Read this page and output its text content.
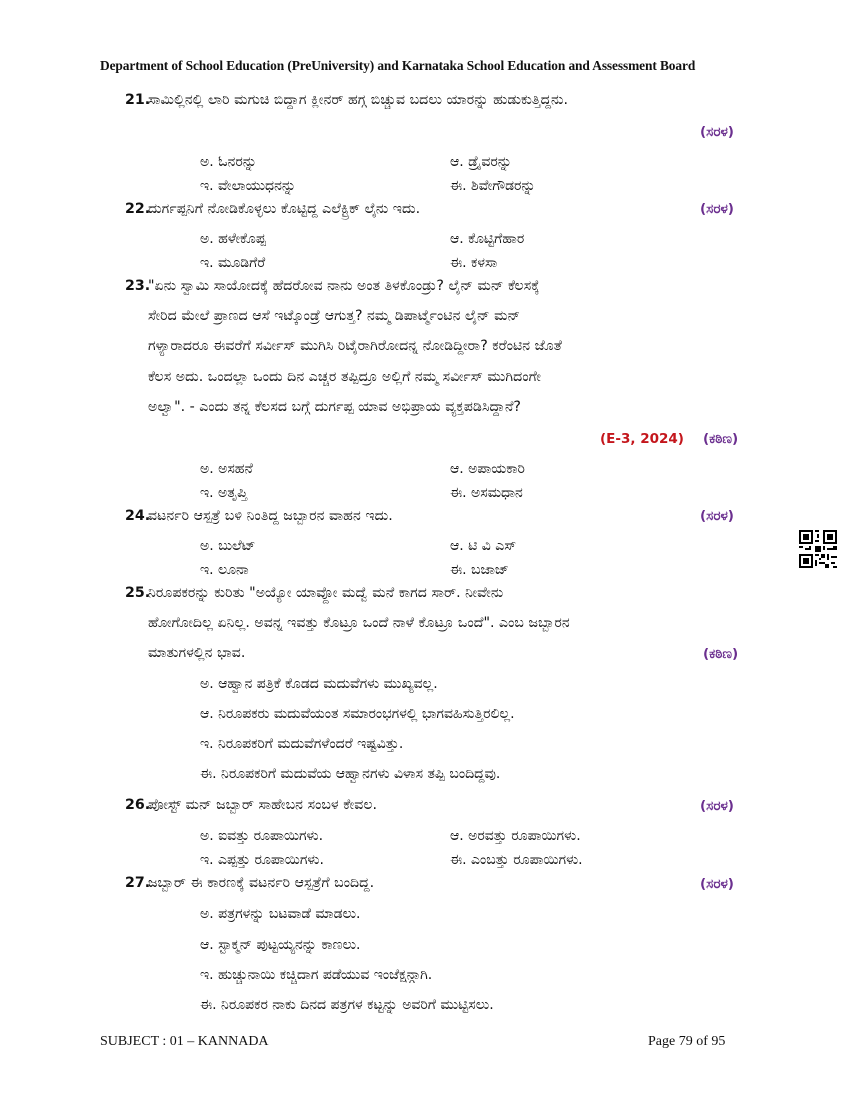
Department of School Education (PreUniversity) and Karnataka School Education and Assessment Board
21.ಸಾಮಿಲ್ಲಿನಲ್ಲಿ ಲಾರಿ ಮಗುಚಿ ಬಿದ್ದಾಗ ಕ್ಲೀನರ್ ಹಗ್ಗ ಬಿಚ್ಚುವ ಬದಲು ಯಾರನ್ನು ಹುಡುಕುತ್ತಿದ್ದನು.
(ಸರಳ)
ಅ. ಓನರನ್ನು	ಆ. ಡ್ರೈವರನ್ನು
ಇ. ವೇಲಾಯುಧನನ್ನು	ಈ. ಶಿವೇಗೌಡರನ್ನು
22.ದುರ್ಗಪ್ಪನಿಗೆ ನೋಡಿಕೊಳ್ಳಲು ಕೊಟ್ಟಿದ್ದ ಎಲೆಕ್ಟ್ರಿಕ್ ಲೈನು ಇದು.	(ಸರಳ)
ಅ. ಹಳೇಕೊಪ್ಪ	ಆ. ಕೊಟ್ಟಿಗೆಹಾರ
ಇ. ಮೂಡಿಗೆರೆ	ಈ. ಕಳಸಾ
23."ಏನು ಸ್ವಾಮಿ ಸಾಯೋದಕ್ಕೆ ಹೆದರೋವ ನಾನು ಅಂತ ತಿಳಕೊಂಡ್ರು? ಲೈನ್ ಮನ್ ಕೆಲಸಕ್ಕೆ
ಸೇರಿದ ಮೇಲೆ ಪ್ರಾಣದ ಆಸೆ ಇಟ್ಕೊಂಡ್ರೆ ಆಗುತ್ತ? ನಮ್ಮ ಡಿಪಾರ್ಟ್ಮೆಂಟಿನ ಲೈನ್ ಮನ್
ಗಳ್ಯಾರಾದರೂ ಈವರೆಗೆ ಸರ್ವೀಸ್ ಮುಗಿಸಿ ರಿಟೈರಾಗಿರೋದನ್ನ ನೋಡಿದ್ದೀರಾ? ಕರೆಂಟಿನ ಜೊತೆ
ಕೆಲಸ ಅದು. ಒಂದಲ್ಲಾ ಒಂದು ದಿನ ಎಚ್ಚರ ತಪ್ಪಿದ್ರೂ ಅಲ್ಲಿಗೆ ನಮ್ಮ ಸರ್ವೀಸ್ ಮುಗಿದಂಗೇ
ಅಲ್ವಾ". - ಎಂದು ತನ್ನ ಕೆಲಸದ ಬಗ್ಗೆ ದುರ್ಗಪ್ಪ ಯಾವ ಅಭಿಪ್ರಾಯ ವ್ಯಕ್ತಪಡಿಸಿದ್ದಾನೆ?
(E-3, 2024) (ಕಠಿಣ)
ಅ. ಅಸಹನೆ	ಆ. ಅಪಾಯಕಾರಿ
ಇ. ಅತೃಪ್ತಿ	ಈ. ಅಸಮಧಾನ
24.ವಟರ್ನರಿ ಆಸ್ಪತ್ರೆ ಬಳಿ ನಿಂತಿದ್ದ ಜಬ್ಬಾರನ ವಾಹನ ಇದು.	(ಸರಳ)
ಅ. ಬುಲೆಟ್	ಆ. ಟಿ ವಿ ಎಸ್
ಇ. ಲೂನಾ	ಈ. ಬಜಾಜ್
25.ನಿರೂಪಕರನ್ನು ಕುರಿತು "ಅಯ್ಯೋ ಯಾವ್ದೋ ಮದ್ವೆ ಮನೆ ಕಾಗದ ಸಾರ್. ನೀವೇನು
ಹೋಗೋದಿಲ್ಲ ಏನಿಲ್ಲ. ಅವನ್ನ ಇವತ್ತು ಕೊಟ್ರೂ ಒಂದೆ ನಾಳೆ ಕೊಟ್ರೂ ಒಂದೆ". ಎಂಬ ಜಬ್ಬಾರನ
ಮಾತುಗಳಲ್ಲಿನ ಭಾವ.	(ಕಠಿಣ)
ಅ. ಆಹ್ವಾನ ಪತ್ರಿಕೆ ಕೊಡದ ಮದುವೆಗಳು ಮುಖ್ಯವಲ್ಲ.
ಆ. ನಿರೂಪಕರು ಮದುವೆಯಂತ ಸಮಾರಂಭಗಳಲ್ಲಿ ಭಾಗವಹಿಸುತ್ತಿರಲಿಲ್ಲ.
ಇ. ನಿರೂಪಕರಿಗೆ ಮದುವೆಗಳೆಂದರೆ ಇಷ್ಟವಿತ್ತು.
ಈ. ನಿರೂಪಕರಿಗೆ ಮದುವೆಯ ಆಹ್ವಾನಗಳು ವಿಳಾಸ ತಪ್ಪಿ ಬಂದಿದ್ದವು.
26.ಪೋಸ್ಟ್ ಮನ್ ಜಬ್ಬಾರ್ ಸಾಹೇಬನ ಸಂಬಳ ಕೇವಲ.	(ಸರಳ)
ಅ. ಐವತ್ತು ರೂಪಾಯಿಗಳು.	ಆ. ಅರವತ್ತು ರೂಪಾಯಿಗಳು.
ಇ. ಎಪ್ಪತ್ತು ರೂಪಾಯಿಗಳು.	ಈ. ಎಂಬತ್ತು ರೂಪಾಯಿಗಳು.
27.ಜಬ್ಬಾರ್ ಈ ಕಾರಣಕ್ಕೆ ವಟರ್ನರಿ ಆಸ್ಪತ್ರೆಗೆ ಬಂದಿದ್ದ.	(ಸರಳ)
ಅ. ಪತ್ರಗಳನ್ನು ಬಟವಾಡೆ ಮಾಡಲು.
ಆ. ಸ್ಟಾಕ್ಮನ್ ಪುಟ್ಟಯ್ಯನನ್ನು ಕಾಣಲು.
ಇ. ಹುಚ್ಚುನಾಯಿ ಕಚ್ಚಿದಾಗ ಪಡೆಯುವ ಇಂಜೆಕ್ಷನ್ಗಾಗಿ.
ಈ. ನಿರೂಪಕರ ನಾಕು ದಿನದ ಪತ್ರಗಳ ಕಟ್ಟನ್ನು ಅವರಿಗೆ ಮುಟ್ಟಿಸಲು.
SUBJECT : 01 – KANNADA	Page 79 of 95
